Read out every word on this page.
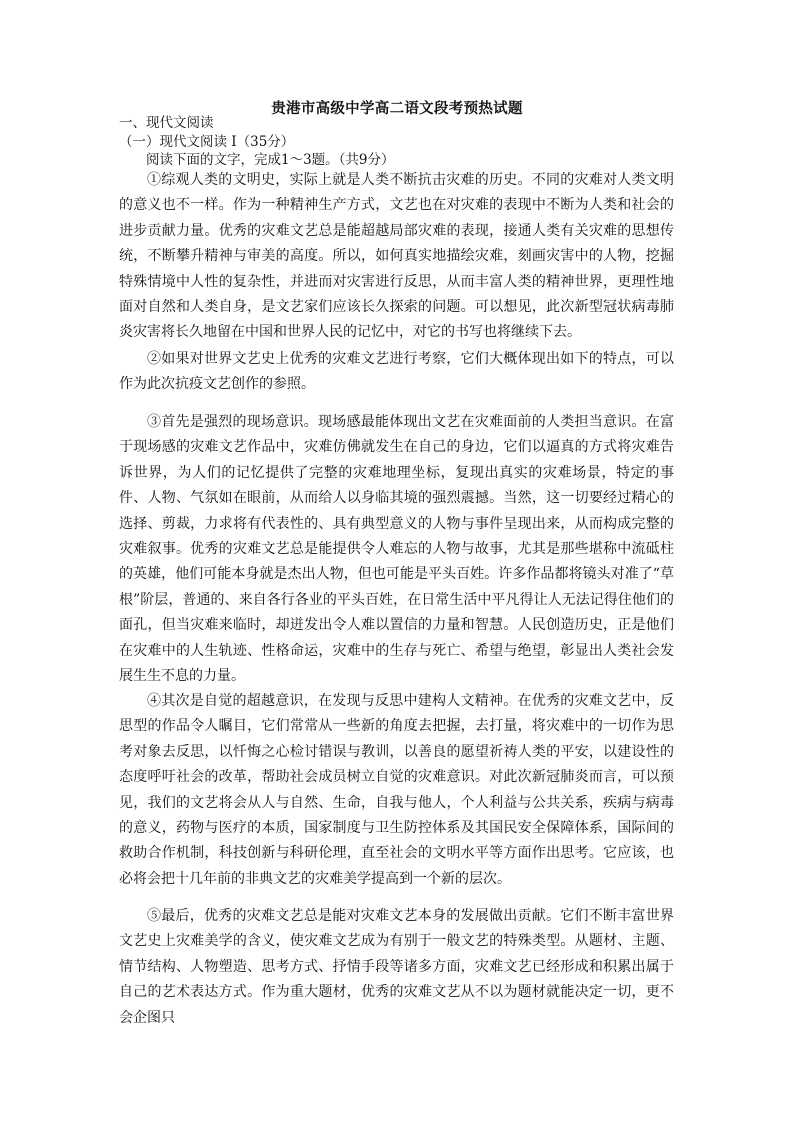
贵港市高级中学高二语文段考预热试题
一、现代文阅读
（一）现代文阅读 I（35分）
阅读下面的文字，完成1～3题。（共9分）
①综观人类的文明史，实际上就是人类不断抗击灾难的历史。不同的灾难对人类文明的意义也不一样。作为一种精神生产方式，文艺也在对灾难的表现中不断为人类和社会的进步贡献力量。优秀的灾难文艺总是能超越局部灾难的表现，接通人类有关灾难的思想传统，不断攀升精神与审美的高度。所以，如何真实地描绘灾难，刻画灾害中的人物，挖掘特殊情境中人性的复杂性，并进而对灾害进行反思，从而丰富人类的精神世界，更理性地面对自然和人类自身，是文艺家们应该长久探索的问题。可以想见，此次新型冠状病毒肺炎灾害将长久地留在中国和世界人民的记忆中，对它的书写也将继续下去。
②如果对世界文艺史上优秀的灾难文艺进行考察，它们大概体现出如下的特点，可以作为此次抗疫文艺创作的参照。
③首先是强烈的现场意识。现场感最能体现出文艺在灾难面前的人类担当意识。在富于现场感的灾难文艺作品中，灾难仿佛就发生在自己的身边，它们以逼真的方式将灾难告诉世界，为人们的记忆提供了完整的灾难地理坐标，复现出真实的灾难场景，特定的事件、人物、气氛如在眼前，从而给人以身临其境的强烈震撼。当然，这一切要经过精心的选择、剪裁，力求将有代表性的、具有典型意义的人物与事件呈现出来，从而构成完整的灾难叙事。优秀的灾难文艺总是能提供令人难忘的人物与故事，尤其是那些堪称中流砥柱的英雄，他们可能本身就是杰出人物，但也可能是平头百姓。许多作品都将镜头对准了“草根”阶层，普通的、来自各行各业的平头百姓，在日常生活中平凡得让人无法记得住他们的面孔，但当灾难来临时，却迸发出令人难以置信的力量和智慧。人民创造历史，正是他们在灾难中的人生轨迹、性格命运，灾难中的生存与死亡、希望与绝望，彰显出人类社会发展生生不息的力量。
④其次是自觉的超越意识，在发现与反思中建构人文精神。在优秀的灾难文艺中，反思型的作品令人瞩目，它们常常从一些新的角度去把握，去打量，将灾难中的一切作为思考对象去反思，以忏悔之心检讨错误与教训，以善良的愿望祈祷人类的平安，以建设性的态度呼吁社会的改革，帮助社会成员树立自觉的灾难意识。对此次新冠肺炎而言，可以预见，我们的文艺将会从人与自然、生命，自我与他人，个人利益与公共关系，疾病与病毒的意义，药物与医疗的本质，国家制度与卫生防控体系及其国民安全保障体系，国际间的救助合作机制，科技创新与科研伦理，直至社会的文明水平等方面作出思考。它应该，也必将会把十几年前的非典文艺的灾难美学提高到一个新的层次。
⑤最后，优秀的灾难文艺总是能对灾难文艺本身的发展做出贡献。它们不断丰富世界文艺史上灾难美学的含义，使灾难文艺成为有别于一般文艺的特殊类型。从题材、主题、情节结构、人物塑造、思考方式、抒情手段等诸多方面，灾难文艺已经形成和积累出属于自己的艺术表达方式。作为重大题材，优秀的灾难文艺从不以为题材就能决定一切，更不会企图只
